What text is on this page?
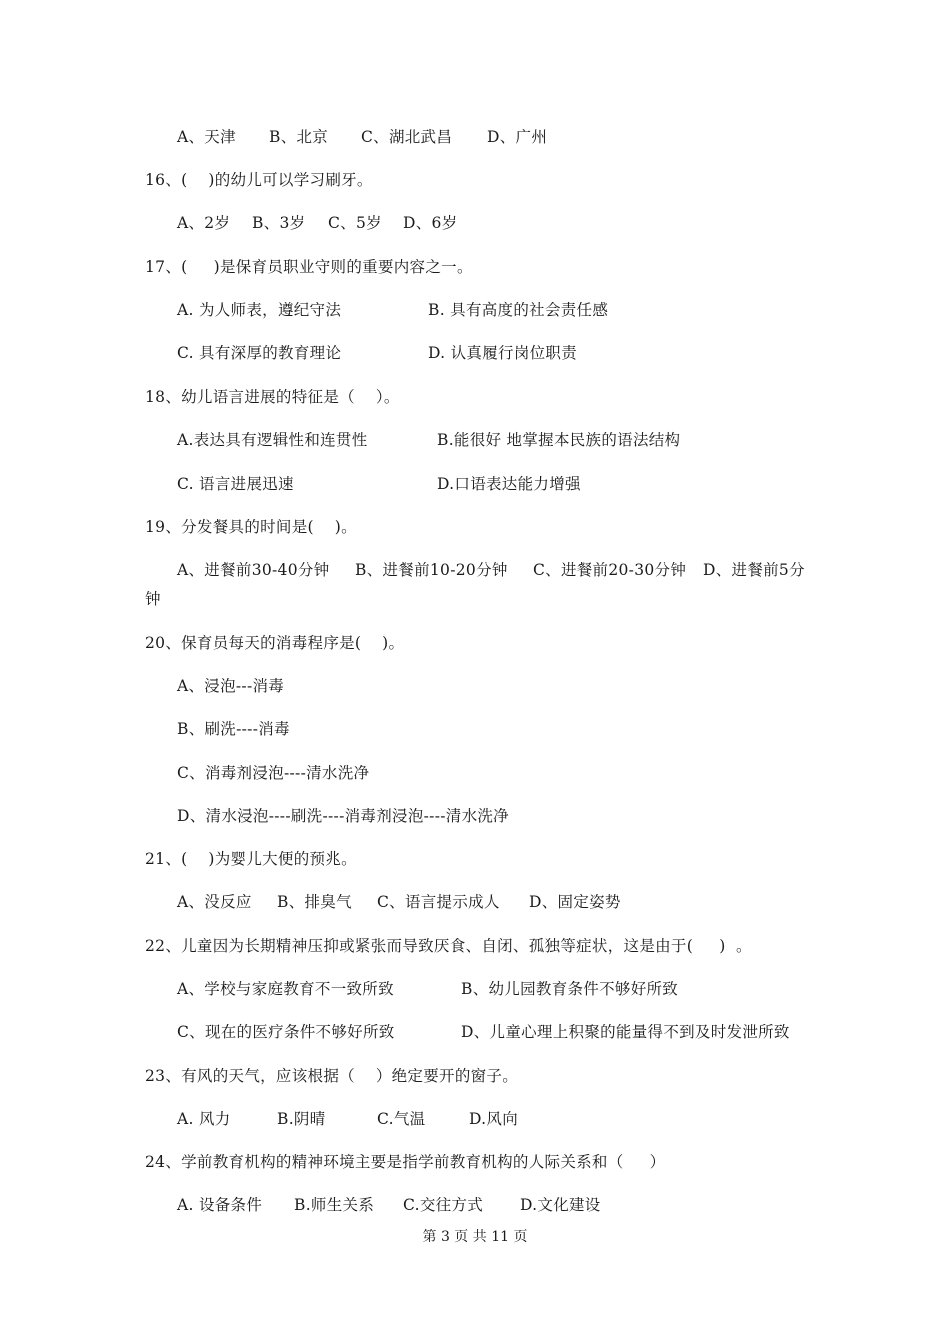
A、天津 B、北京 C、湖北武昌 D、广州
16、(    )的幼儿可以学习刷牙。
A、2岁 B、3岁 C、5岁 D、6岁
17、(     )是保育员职业守则的重要内容之一。
A. 为人师表，遵纪守法	B. 具有高度的社会责任感
C. 具有深厚的教育理论	D. 认真履行岗位职责
18、幼儿语言进展的特征是（    ）。
A.表达具有逻辑性和连贯性	B.能很好 地掌握本民族的语法结构
C. 语言进展迅速	D.口语表达能力增强
19、分发餐具的时间是(    )。
A、进餐前30-40分钟 B、进餐前10-20分钟 C、进餐前20-30分钟 D、进餐前5分
钟
20、保育员每天的消毒程序是(    )。
A、浸泡---消毒
B、刷洗----消毒
C、消毒剂浸泡----清水洗净
D、清水浸泡----刷洗----消毒剂浸泡----清水洗净
21、(    )为婴儿大便的预兆。
A、没反应 B、排臭气 C、语言提示成人 D、固定姿势
22、儿童因为长期精神压抑或紧张而导致厌食、自闭、孤独等症状，这是由于(     )  。
A、学校与家庭教育不一致所致	B、幼儿园教育条件不够好所致
C、现在的医疗条件不够好所致	D、儿童心理上积聚的能量得不到及时发泄所致
23、有风的天气，应该根据（    ）绝定要开的窗子。
A. 风力	B.阴晴	C.气温	D.风向
24、学前教育机构的精神环境主要是指学前教育机构的人际关系和（     ）
A. 设备条件 B.师生关系 C.交往方式 D.文化建设
第 3 页 共 11 页
